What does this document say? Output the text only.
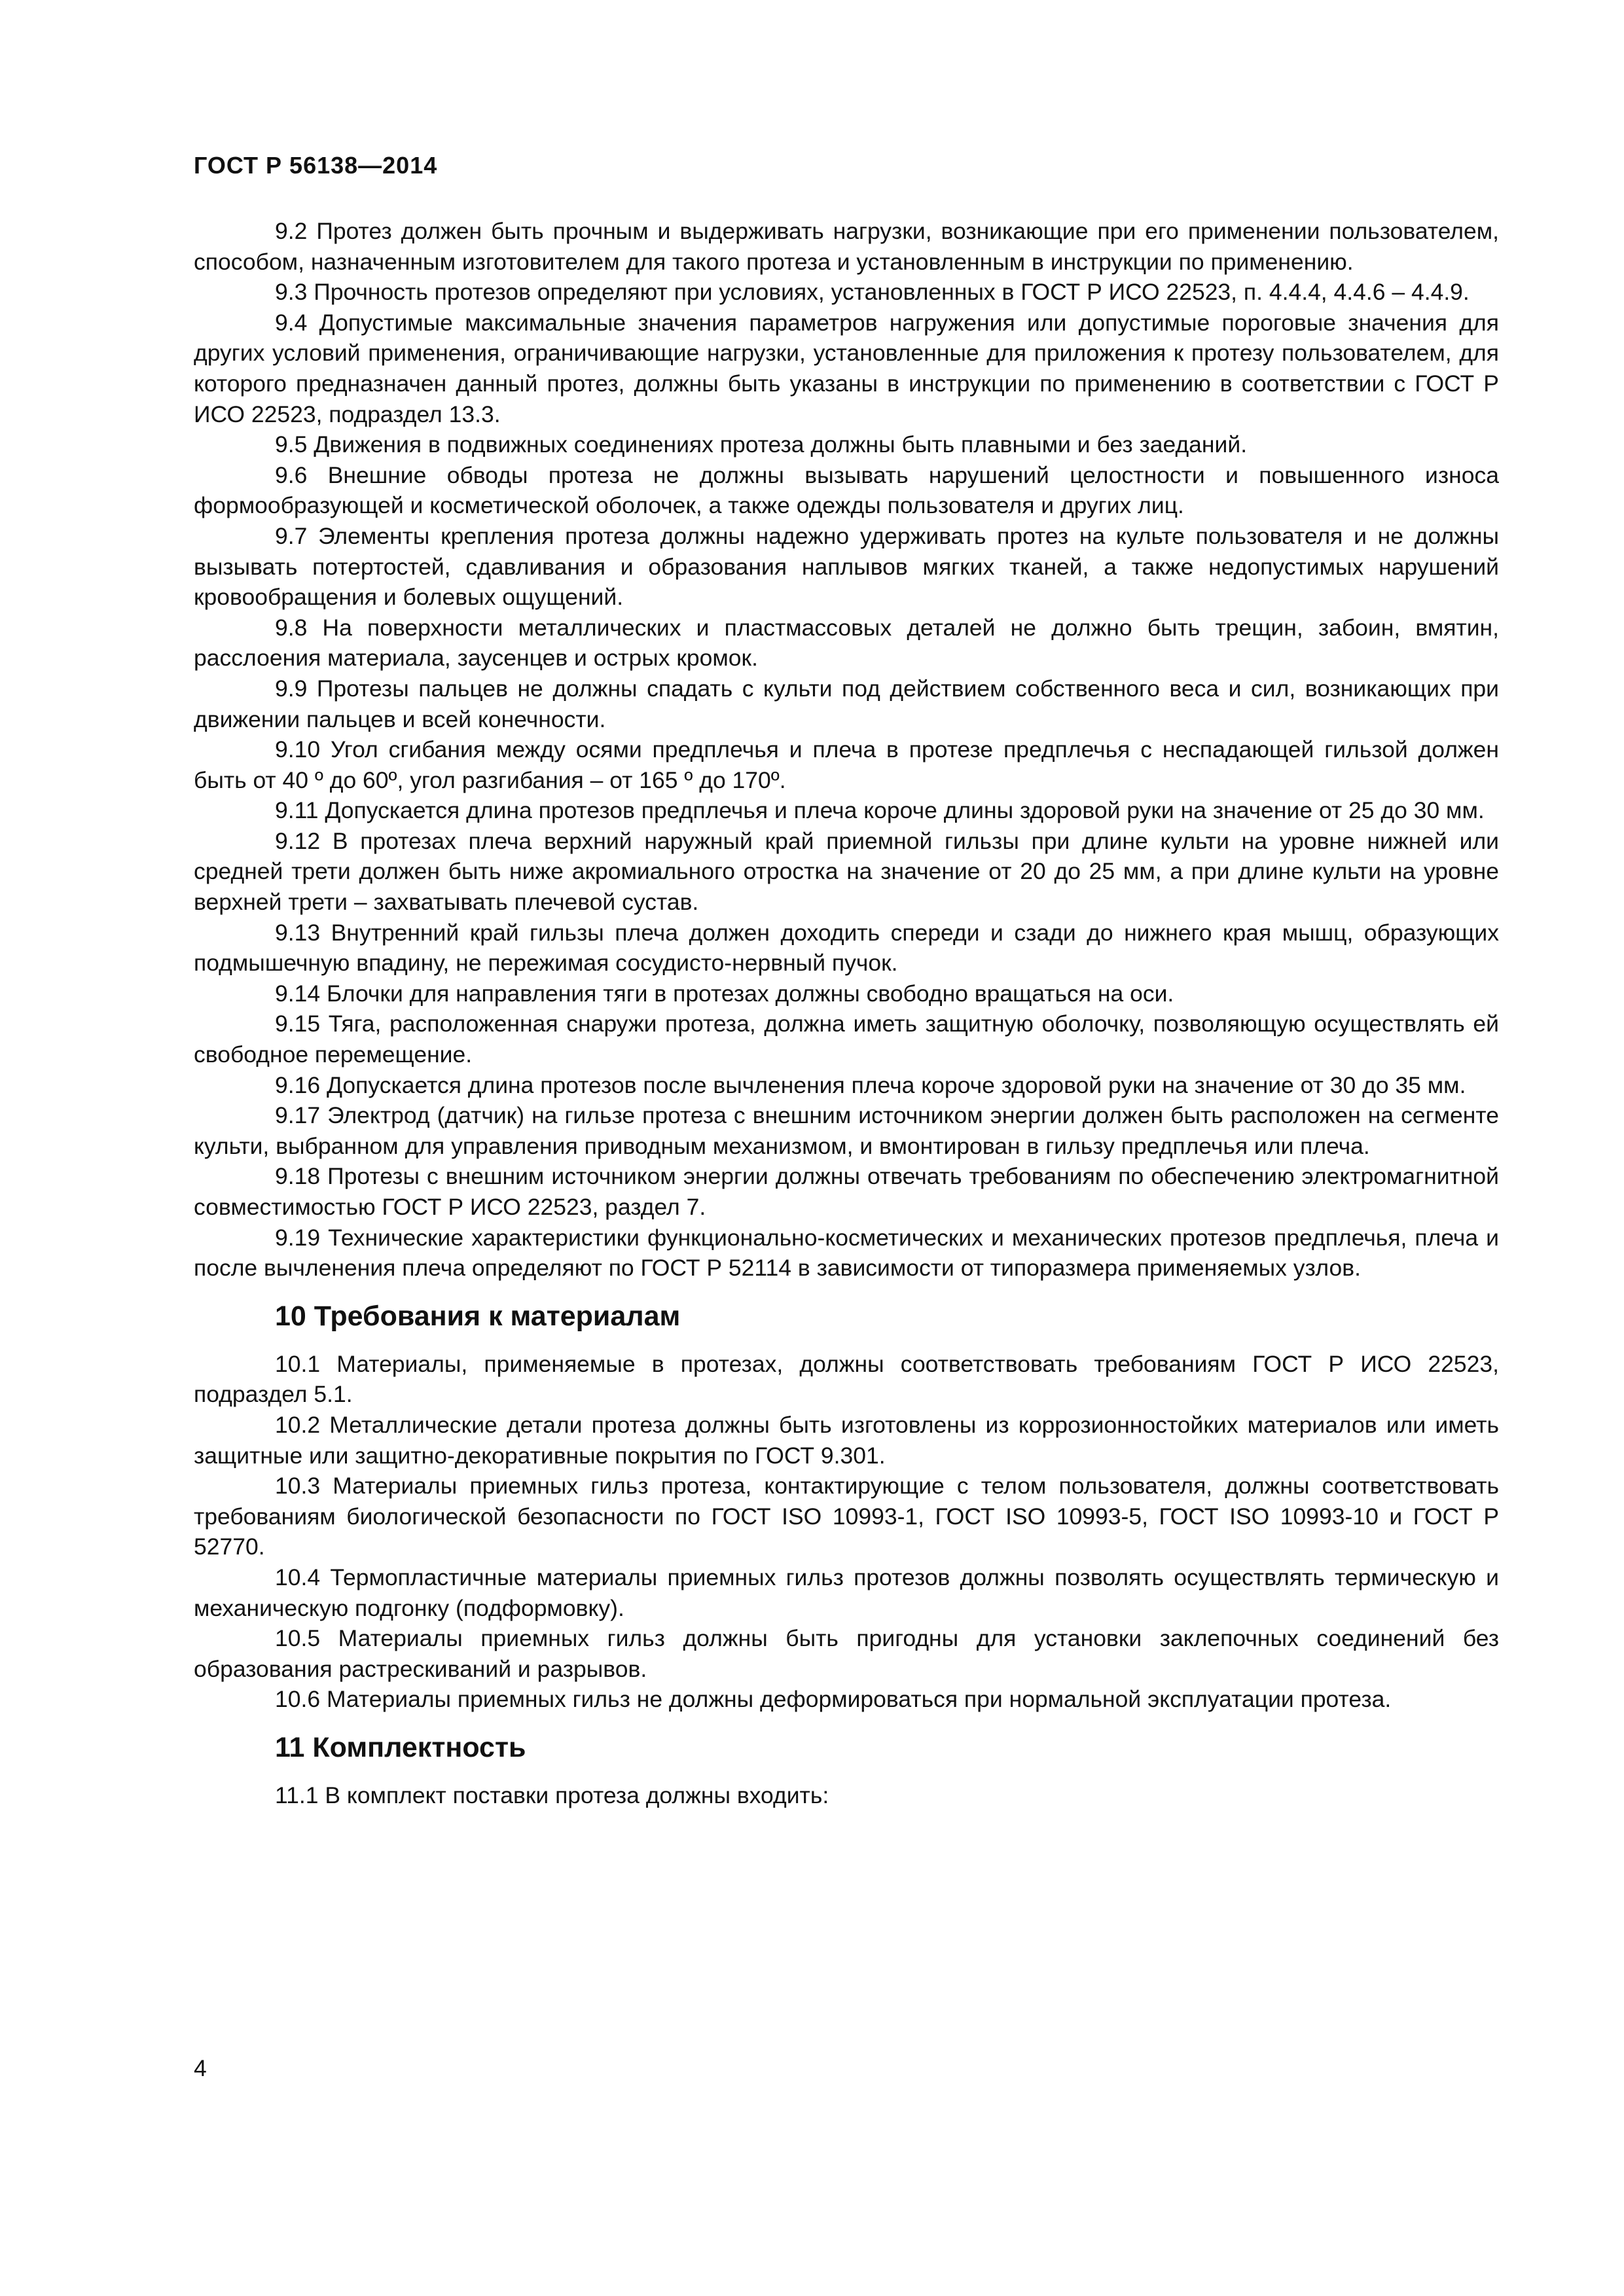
ГОСТ Р 56138—2014

9.2 Протез должен быть прочным и выдерживать нагрузки, возникающие при его применении пользователем, способом, назначенным изготовителем для такого протеза и установленным в инструкции по применению.

9.3 Прочность протезов определяют при условиях, установленных в ГОСТ Р ИСО 22523, п. 4.4.4, 4.4.6 – 4.4.9.

9.4 Допустимые максимальные значения параметров нагружения или допустимые пороговые значения для других условий применения, ограничивающие нагрузки, установленные для приложения к протезу пользователем, для которого предназначен данный протез, должны быть указаны в инструкции по применению в соответствии с ГОСТ Р ИСО 22523, подраздел 13.3.

9.5 Движения в подвижных соединениях протеза должны быть плавными и без заеданий.

9.6 Внешние обводы протеза не должны вызывать нарушений целостности и повышенного износа формообразующей и косметической оболочек, а также одежды пользователя и других лиц.

9.7 Элементы крепления протеза должны надежно удерживать протез на культе пользователя и не должны вызывать потертостей, сдавливания и образования наплывов мягких тканей, а также недопустимых нарушений кровообращения и болевых ощущений.

9.8 На поверхности металлических и пластмассовых деталей не должно быть трещин, забоин, вмятин, расслоения материала, заусенцев и острых кромок.

9.9 Протезы пальцев не должны спадать с культи под действием собственного веса и сил, возникающих при движении пальцев и всей конечности.

9.10 Угол сгибания между осями предплечья и плеча в протезе предплечья с неспадающей гильзой должен быть от 40 º до 60º, угол разгибания – от 165 º до 170º.

9.11 Допускается длина протезов предплечья и плеча короче длины здоровой руки на значение от 25 до 30 мм.

9.12 В протезах плеча верхний наружный край приемной гильзы при длине культи на уровне нижней или средней трети должен быть ниже акромиального отростка на значение от 20 до 25 мм, а при длине культи на уровне верхней трети – захватывать плечевой сустав.

9.13 Внутренний край гильзы плеча должен доходить спереди и сзади до нижнего края мышц, образующих подмышечную впадину, не пережимая сосудисто-нервный пучок.

9.14 Блочки для направления тяги в протезах должны свободно вращаться на оси.

9.15 Тяга, расположенная снаружи протеза, должна иметь защитную оболочку, позволяющую осуществлять ей свободное перемещение.

9.16 Допускается длина протезов после вычленения плеча короче здоровой руки на значение от 30 до 35 мм.

9.17 Электрод (датчик) на гильзе протеза с внешним источником энергии должен быть расположен на сегменте культи, выбранном для управления приводным механизмом, и вмонтирован в гильзу предплечья или плеча.

9.18 Протезы с внешним источником энергии должны отвечать требованиям по обеспечению электромагнитной совместимостью ГОСТ Р ИСО 22523, раздел 7.

9.19 Технические характеристики функционально-косметических и механических протезов предплечья, плеча и после вычленения плеча определяют по ГОСТ Р 52114 в зависимости от типоразмера применяемых узлов.

10 Требования к материалам

10.1 Материалы, применяемые в протезах, должны соответствовать требованиям ГОСТ Р ИСО 22523, подраздел 5.1.

10.2 Металлические детали протеза должны быть изготовлены из коррозионностойких материалов или иметь защитные или защитно-декоративные покрытия по ГОСТ 9.301.

10.3 Материалы приемных гильз протеза, контактирующие с телом пользователя, должны соответствовать требованиям биологической безопасности по ГОСТ ISO 10993-1, ГОСТ ISO 10993-5, ГОСТ ISO 10993-10 и ГОСТ Р 52770.

10.4 Термопластичные материалы приемных гильз протезов должны позволять осуществлять термическую и механическую подгонку (подформовку).

10.5 Материалы приемных гильз должны быть пригодны для установки заклепочных соединений без образования растрескиваний и разрывов.

10.6 Материалы приемных гильз не должны деформироваться при нормальной эксплуатации протеза.

11 Комплектность

11.1 В комплект поставки протеза должны входить:

4
